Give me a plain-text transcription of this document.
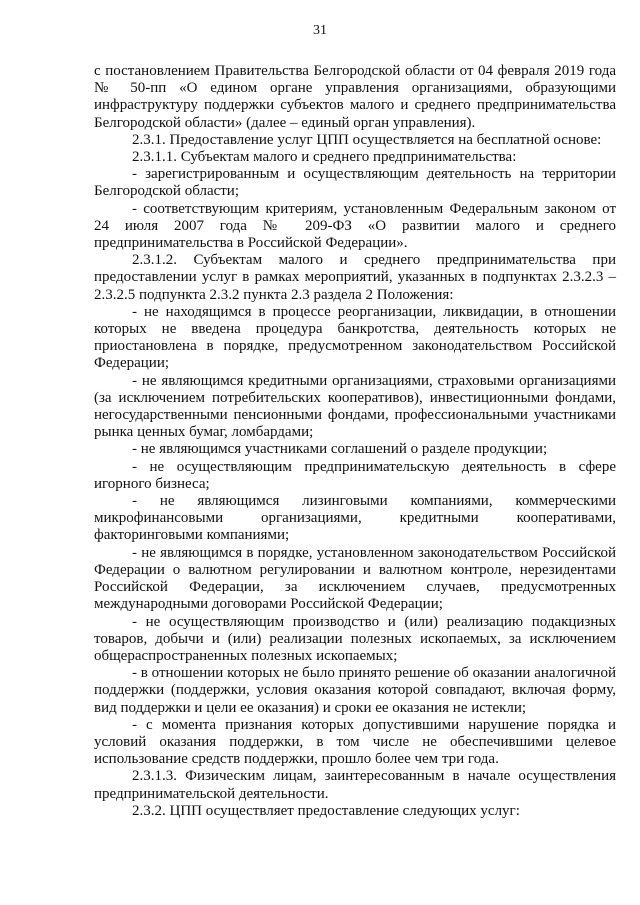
31

с постановлением Правительства Белгородской области от 04 февраля 2019 года № 50-пп «О едином органе управления организациями, образующими инфраструктуру поддержки субъектов малого и среднего предпринимательства Белгородской области» (далее – единый орган управления).

2.3.1. Предоставление услуг ЦПП осуществляется на бесплатной основе:

2.3.1.1. Субъектам малого и среднего предпринимательства:

- зарегистрированным и осуществляющим деятельность на территории Белгородской области;

- соответствующим критериям, установленным Федеральным законом от 24 июля 2007 года № 209-ФЗ «О развитии малого и среднего предпринимательства в Российской Федерации».

2.3.1.2. Субъектам малого и среднего предпринимательства при предоставлении услуг в рамках мероприятий, указанных в подпунктах 2.3.2.3 – 2.3.2.5 подпункта 2.3.2 пункта 2.3 раздела 2 Положения:

- не находящимся в процессе реорганизации, ликвидации, в отношении которых не введена процедура банкротства, деятельность которых не приостановлена в порядке, предусмотренном законодательством Российской Федерации;

- не являющимся кредитными организациями, страховыми организациями (за исключением потребительских кооперативов), инвестиционными фондами, негосударственными пенсионными фондами, профессиональными участниками рынка ценных бумаг, ломбардами;

- не являющимся участниками соглашений о разделе продукции;

- не осуществляющим предпринимательскую деятельность в сфере игорного бизнеса;

- не являющимся лизинговыми компаниями, коммерческими микрофинансовыми организациями, кредитными кооперативами, факторинговыми компаниями;

- не являющимся в порядке, установленном законодательством Российской Федерации о валютном регулировании и валютном контроле, нерезидентами Российской Федерации, за исключением случаев, предусмотренных международными договорами Российской Федерации;

- не осуществляющим производство и (или) реализацию подакцизных товаров, добычи и (или) реализации полезных ископаемых, за исключением общераспространенных полезных ископаемых;

- в отношении которых не было принято решение об оказании аналогичной поддержки (поддержки, условия оказания которой совпадают, включая форму, вид поддержки и цели ее оказания) и сроки ее оказания не истекли;

- с момента признания которых допустившими нарушение порядка и условий оказания поддержки, в том числе не обеспечившими целевое использование средств поддержки, прошло более чем три года.

2.3.1.3. Физическим лицам, заинтересованным в начале осуществления предпринимательской деятельности.

2.3.2. ЦПП осуществляет предоставление следующих услуг:
